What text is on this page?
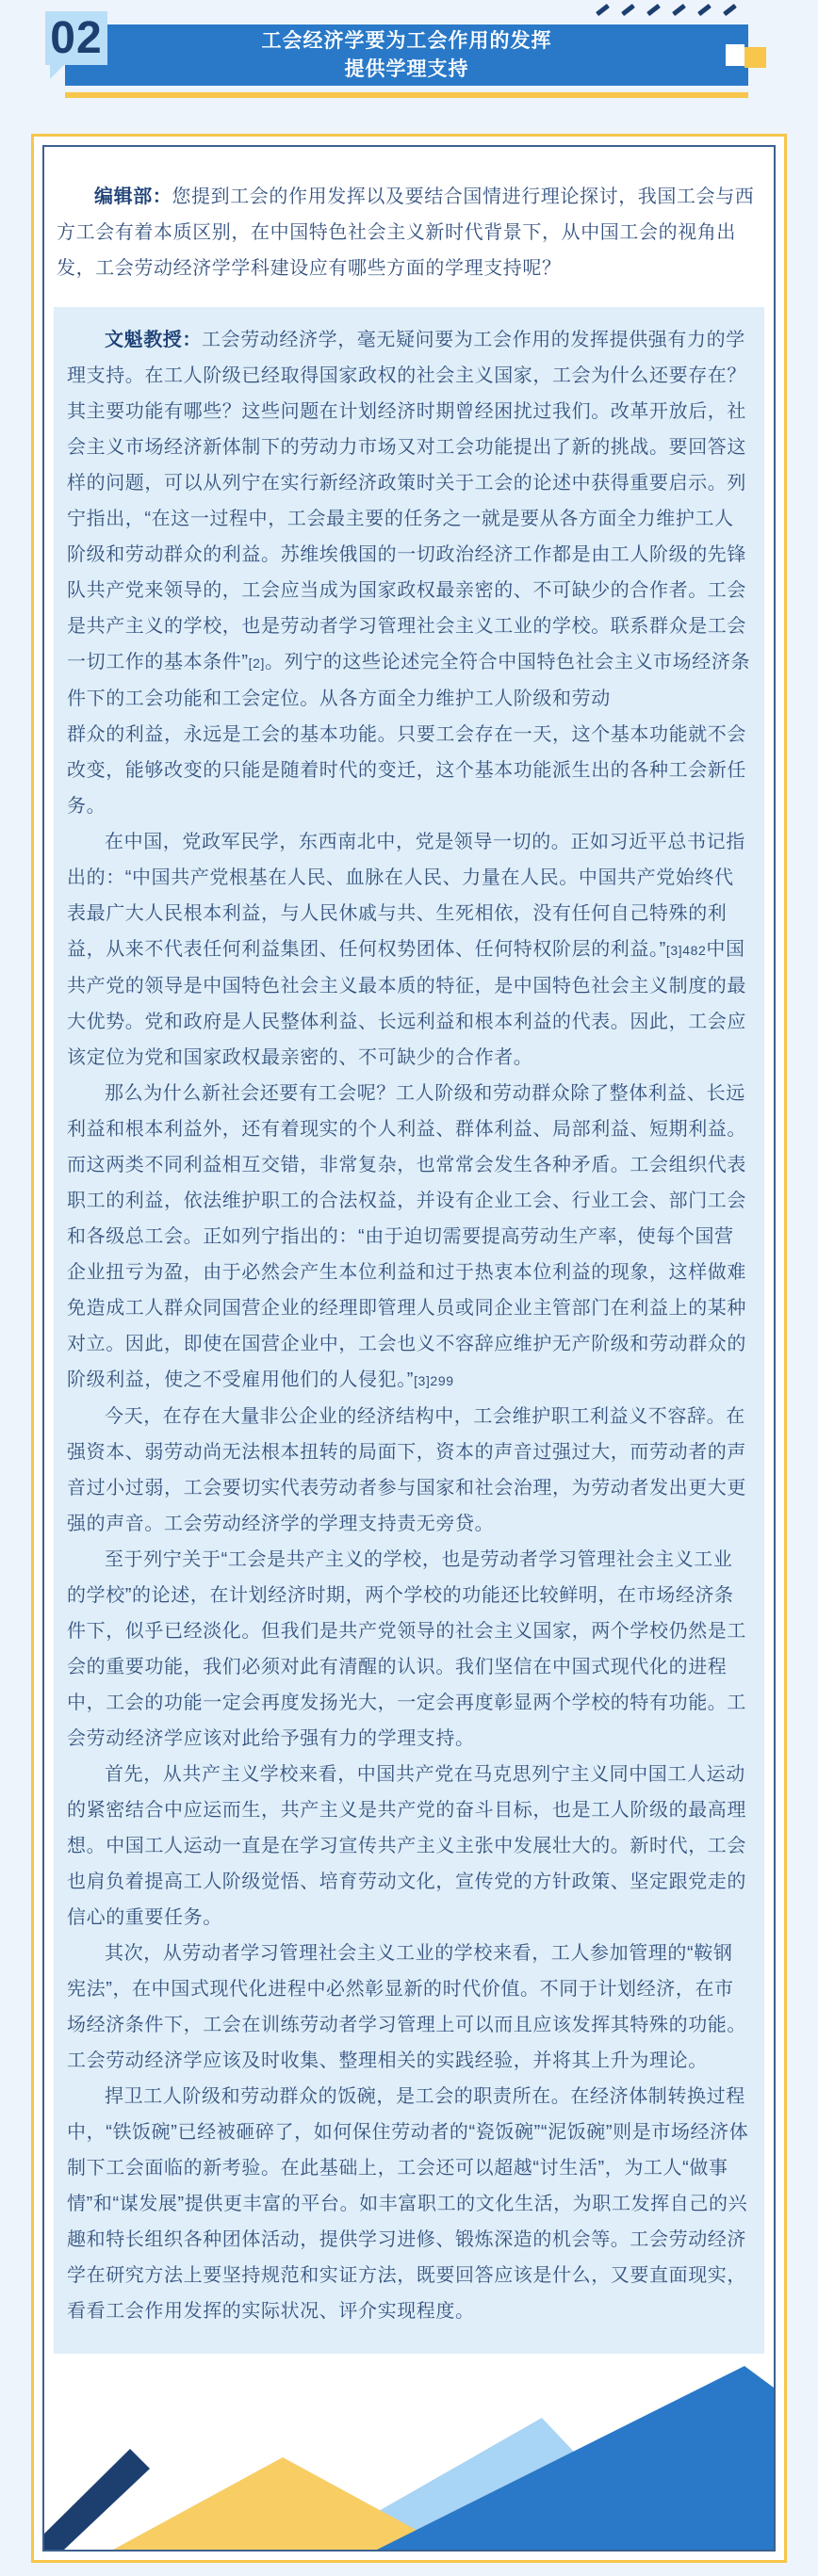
工会经济学要为工会作用的发挥
提供学理支持
02

编辑部：您提到工会的作用发挥以及要结合国情进行理论探讨，我国工会与西方工会有着本质区别，在中国特色社会主义新时代背景下，从中国工会的视角出发，工会劳动经济学学科建设应有哪些方面的学理支持呢？

文魁教授：工会劳动经济学，毫无疑问要为工会作用的发挥提供强有力的学理支持。在工人阶级已经取得国家政权的社会主义国家，工会为什么还要存在？其主要功能有哪些？这些问题在计划经济时期曾经困扰过我们。改革开放后，社会主义市场经济新体制下的劳动力市场又对工会功能提出了新的挑战。要回答这样的问题，可以从列宁在实行新经济政策时关于工会的论述中获得重要启示。列宁指出，“在这一过程中，工会最主要的任务之一就是要从各方面全力维护工人阶级和劳动群众的利益。苏维埃俄国的一切政治经济工作都是由工人阶级的先锋队共产党来领导的，工会应当成为国家政权最亲密的、不可缺少的合作者。工会是共产主义的学校，也是劳动者学习管理社会主义工业的学校。联系群众是工会一切工作的基本条件”[2]。列宁的这些论述完全符合中国特色社会主义市场经济条件下的工会功能和工会定位。从各方面全力维护工人阶级和劳动

群众的利益，永远是工会的基本功能。只要工会存在一天，这个基本功能就不会改变，能够改变的只能是随着时代的变迁，这个基本功能派生出的各种工会新任务。

在中国，党政军民学，东西南北中，党是领导一切的。正如习近平总书记指出的：“中国共产党根基在人民、血脉在人民、力量在人民。中国共产党始终代表最广大人民根本利益，与人民休戚与共、生死相依，没有任何自己特殊的利益，从来不代表任何利益集团、任何权势团体、任何特权阶层的利益。”[3]482中国共产党的领导是中国特色社会主义最本质的特征，是中国特色社会主义制度的最大优势。党和政府是人民整体利益、长远利益和根本利益的代表。因此，工会应该定位为党和国家政权最亲密的、不可缺少的合作者。

那么为什么新社会还要有工会呢？工人阶级和劳动群众除了整体利益、长远利益和根本利益外，还有着现实的个人利益、群体利益、局部利益、短期利益。而这两类不同利益相互交错，非常复杂，也常常会发生各种矛盾。工会组织代表职工的利益，依法维护职工的合法权益，并设有企业工会、行业工会、部门工会和各级总工会。正如列宁指出的：“由于迫切需要提高劳动生产率，使每个国营企业扭亏为盈，由于必然会产生本位利益和过于热衷本位利益的现象，这样做难免造成工人群众同国营企业的经理即管理人员或同企业主管部门在利益上的某种对立。因此，即使在国营企业中，工会也义不容辞应维护无产阶级和劳动群众的阶级利益，使之不受雇用他们的人侵犯。”[3]299

今天，在存在大量非公企业的经济结构中，工会维护职工利益义不容辞。在强资本、弱劳动尚无法根本扭转的局面下，资本的声音过强过大，而劳动者的声音过小过弱，工会要切实代表劳动者参与国家和社会治理，为劳动者发出更大更强的声音。工会劳动经济学的学理支持责无旁贷。

至于列宁关于“工会是共产主义的学校，也是劳动者学习管理社会主义工业的学校”的论述，在计划经济时期，两个学校的功能还比较鲜明，在市场经济条件下，似乎已经淡化。但我们是共产党领导的社会主义国家，两个学校仍然是工会的重要功能，我们必须对此有清醒的认识。我们坚信在中国式现代化的进程中，工会的功能一定会再度发扬光大，一定会再度彰显两个学校的特有功能。工会劳动经济学应该对此给予强有力的学理支持。

首先，从共产主义学校来看，中国共产党在马克思列宁主义同中国工人运动的紧密结合中应运而生，共产主义是共产党的奋斗目标，也是工人阶级的最高理想。中国工人运动一直是在学习宣传共产主义主张中发展壮大的。新时代，工会也肩负着提高工人阶级觉悟、培育劳动文化，宣传党的方针政策、坚定跟党走的信心的重要任务。

其次，从劳动者学习管理社会主义工业的学校来看，工人参加管理的“鞍钢宪法”，在中国式现代化进程中必然彰显新的时代价值。不同于计划经济，在市场经济条件下，工会在训练劳动者学习管理上可以而且应该发挥其特殊的功能。工会劳动经济学应该及时收集、整理相关的实践经验，并将其上升为理论。

捍卫工人阶级和劳动群众的饭碗，是工会的职责所在。在经济体制转换过程中，“铁饭碗”已经被砸碎了，如何保住劳动者的“瓷饭碗”“泥饭碗”则是市场经济体制下工会面临的新考验。在此基础上，工会还可以超越“讨生活”，为工人“做事情”和“谋发展”提供更丰富的平台。如丰富职工的文化生活，为职工发挥自己的兴趣和特长组织各种团体活动，提供学习进修、锻炼深造的机会等。工会劳动经济学在研究方法上要坚持规范和实证方法，既要回答应该是什么，又要直面现实，看看工会作用发挥的实际状况、评介实现程度。
